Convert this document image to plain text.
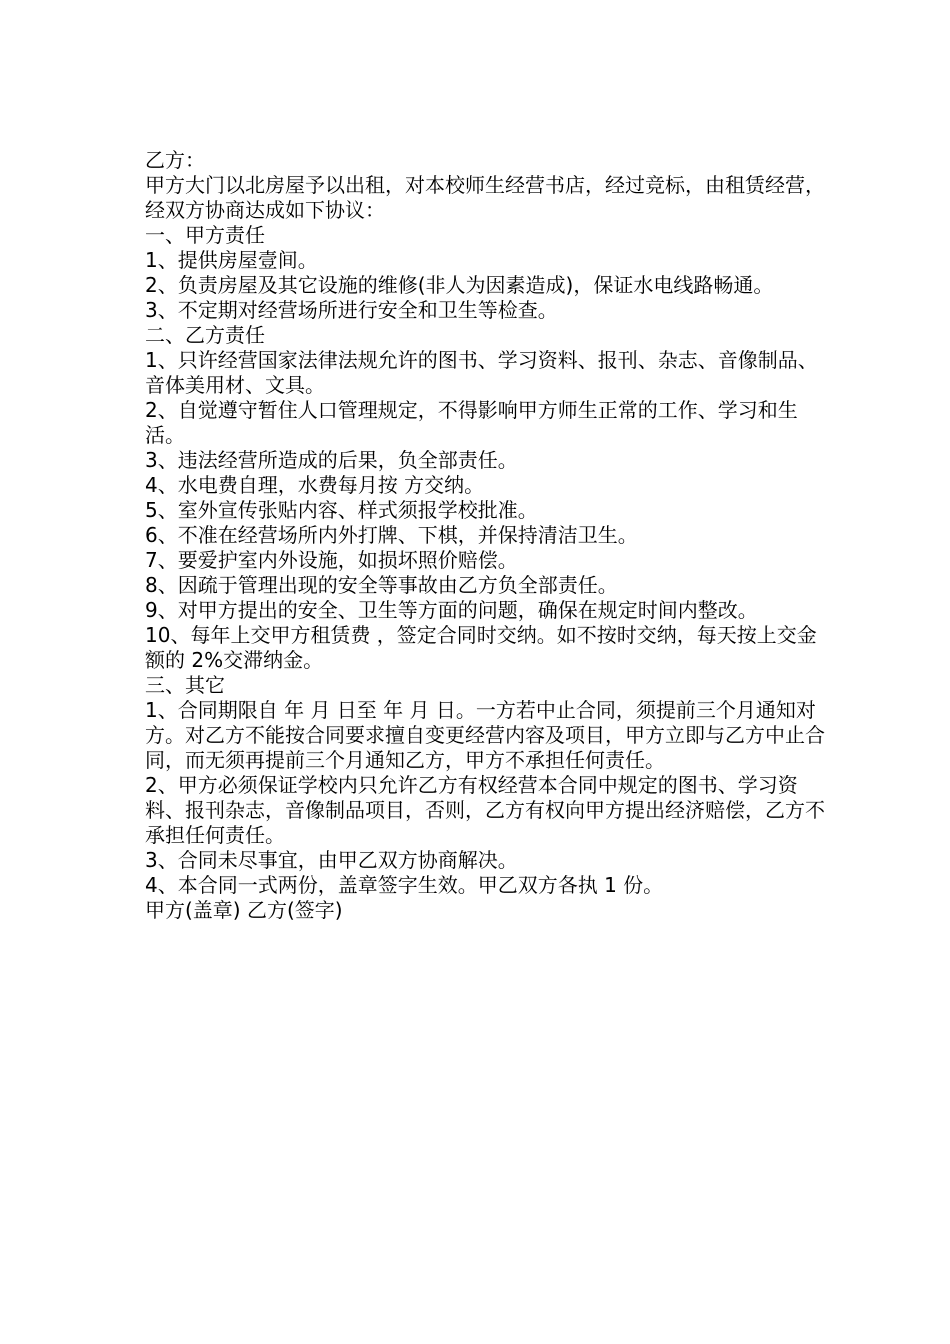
乙方：

甲方大门以北房屋予以出租，对本校师生经营书店，经过竞标，由租赁经营，经双方协商达成如下协议：

一、甲方责任

1、提供房屋壹间。

2、负责房屋及其它设施的维修(非人为因素造成)，保证水电线路畅通。

3、不定期对经营场所进行安全和卫生等检查。

二、乙方责任

1、只许经营国家法律法规允许的图书、学习资料、报刊、杂志、音像制品、音体美用材、文具。

2、自觉遵守暂住人口管理规定，不得影响甲方师生正常的工作、学习和生活。

3、违法经营所造成的后果，负全部责任。

4、水电费自理，水费每月按 方交纳。

5、室外宣传张贴内容、样式须报学校批准。

6、不准在经营场所内外打牌、下棋，并保持清洁卫生。

7、要爱护室内外设施，如损坏照价赔偿。

8、因疏于管理出现的安全等事故由乙方负全部责任。

9、对甲方提出的安全、卫生等方面的问题，确保在规定时间内整改。

10、每年上交甲方租赁费 ，签定合同时交纳。如不按时交纳，每天按上交金额的 2%交滞纳金。

三、其它

1、合同期限自 年 月 日至 年 月 日。一方若中止合同，须提前三个月通知对方。对乙方不能按合同要求擅自变更经营内容及项目，甲方立即与乙方中止合同，而无须再提前三个月通知乙方，甲方不承担任何责任。

2、甲方必须保证学校内只允许乙方有权经营本合同中规定的图书、学习资料、报刊杂志，音像制品项目，否则，乙方有权向甲方提出经济赔偿，乙方不承担任何责任。

3、合同未尽事宜，由甲乙双方协商解决。

4、本合同一式两份，盖章签字生效。甲乙双方各执 1 份。

甲方(盖章) 乙方(签字)
